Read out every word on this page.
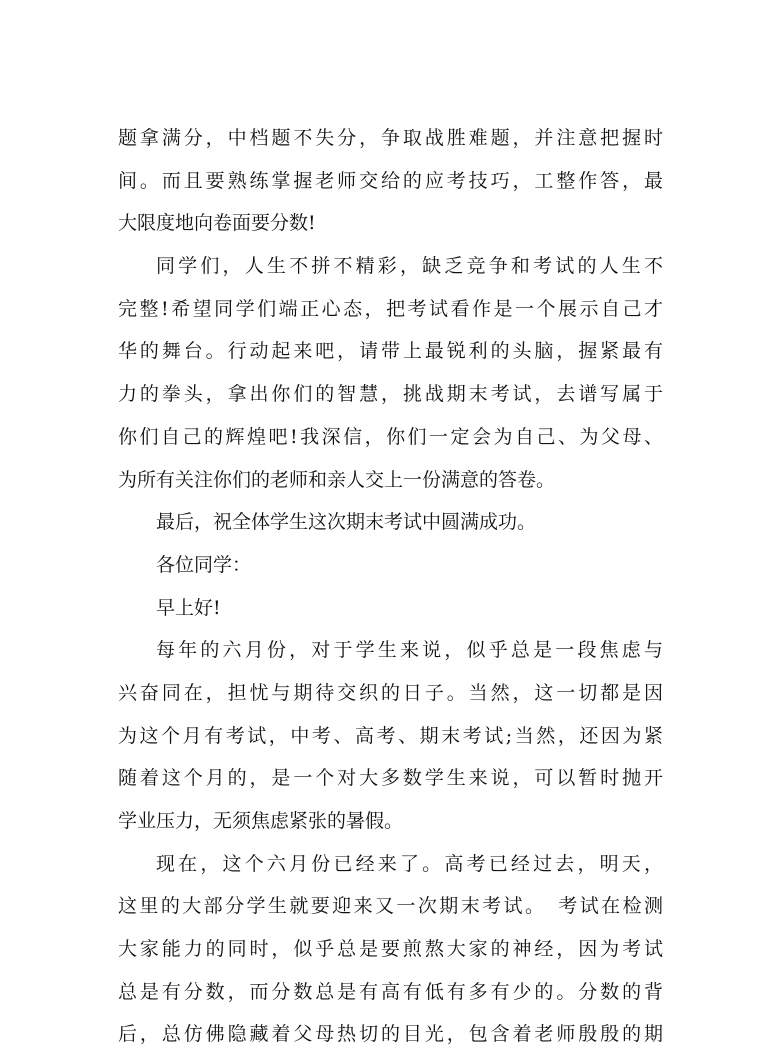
题拿满分，中档题不失分，争取战胜难题，并注意把握时
间。而且要熟练掌握老师交给的应考技巧，工整作答，最
大限度地向卷面要分数!
同学们，人生不拼不精彩，缺乏竞争和考试的人生不
完整!希望同学们端正心态，把考试看作是一个展示自己才
华的舞台。行动起来吧，请带上最锐利的头脑，握紧最有
力的拳头，拿出你们的智慧，挑战期末考试，去谱写属于
你们自己的辉煌吧!我深信，你们一定会为自己、为父母、
为所有关注你们的老师和亲人交上一份满意的答卷。
最后，祝全体学生这次期末考试中圆满成功。
各位同学：
早上好!
每年的六月份，对于学生来说，似乎总是一段焦虑与
兴奋同在，担忧与期待交织的日子。当然，这一切都是因
为这个月有考试，中考、高考、期末考试;当然，还因为紧
随着这个月的，是一个对大多数学生来说，可以暂时抛开
学业压力，无须焦虑紧张的暑假。
现在，这个六月份已经来了。高考已经过去，明天，
这里的大部分学生就要迎来又一次期末考试。　考试在检测
大家能力的同时，似乎总是要煎熬大家的神经，因为考试
总是有分数，而分数总是有高有低有多有少的。分数的背
后，总仿佛隐藏着父母热切的目光，包含着老师殷殷的期
